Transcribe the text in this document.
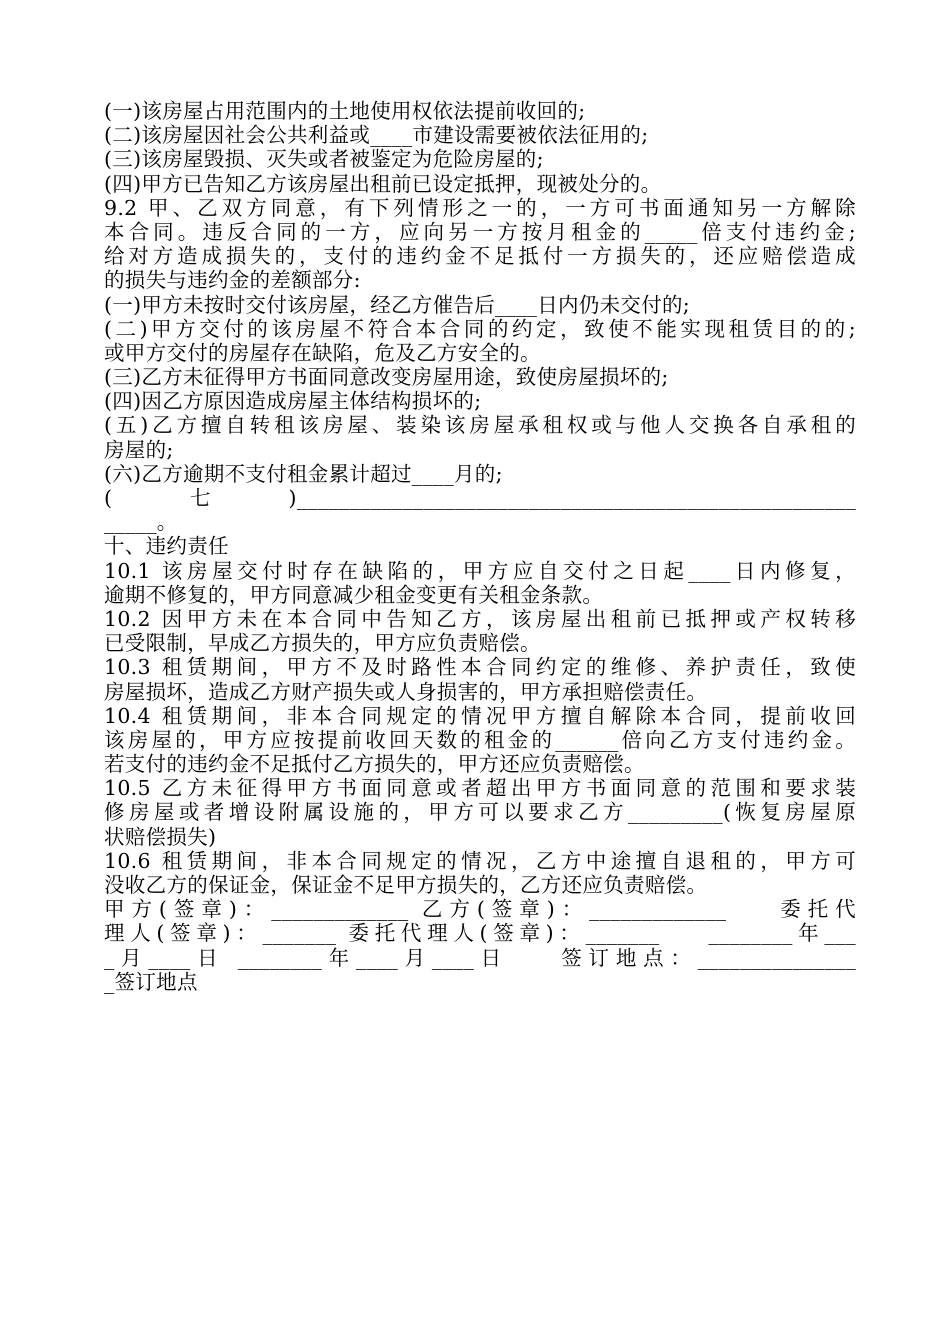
(一)该房屋占用范围内的土地使用权依法提前收回的;
(二)该房屋因社会公共利益或____市建设需要被依法征用的;
(三)该房屋毁损、灭失或者被鉴定为危险房屋的;
(四)甲方已告知乙方该房屋出租前已设定抵押，现被处分的。
9.2 甲、乙双方同意，有下列情形之一的，一方可书面通知另一方解除
本合同。违反合同的一方，应向另一方按月租金的_____倍支付违约金;
给对方造成损失的，支付的违约金不足抵付一方损失的，还应赔偿造成
的损失与违约金的差额部分:
(一)甲方未按时交付该房屋，经乙方催告后____日内仍未交付的;
(二)甲方交付的该房屋不符合本合同的约定，致使不能实现租赁目的的;
或甲方交付的房屋存在缺陷，危及乙方安全的。
(三)乙方未征得甲方书面同意改变房屋用途，致使房屋损坏的;
(四)因乙方原因造成房屋主体结构损坏的;
(五)乙方擅自转租该房屋、装染该房屋承租权或与他人交换各自承租的
房屋的;
(六)乙方逾期不支付租金累计超过____月的;
(七)_____________________________________________________
_____。
十、违约责任
10.1 该房屋交付时存在缺陷的，甲方应自交付之日起____日内修复，
逾期不修复的，甲方同意减少租金变更有关租金条款。
10.2 因甲方未在本合同中告知乙方，该房屋出租前已抵押或产权转移
已受限制，早成乙方损失的，甲方应负责赔偿。
10.3 租赁期间，甲方不及时路性本合同约定的维修、养护责任，致使
房屋损坏，造成乙方财产损失或人身损害的，甲方承担赔偿责任。
10.4 租赁期间，非本合同规定的情况甲方擅自解除本合同，提前收回
该房屋的，甲方应按提前收回天数的租金的______倍向乙方支付违约金。
若支付的违约金不足抵付乙方损失的，甲方还应负责赔偿。
10.5 乙方未征得甲方书面同意或者超出甲方书面同意的范围和要求装
修房屋或者增设附属设施的，甲方可以要求乙方_________(恢复房屋原
状赔偿损失)
10.6 租赁期间，非本合同规定的情况，乙方中途擅自退租的，甲方可
没收乙方的保证金，保证金不足甲方损失的，乙方还应负责赔偿。
甲方(签章)：_____________ 乙方(签章)：_____________    委托代
理人(签章)：_______ 委托代理人(签章)：_______    ________年___
_月____日 ________年____月____日    签订地点：_______________
_签订地点
